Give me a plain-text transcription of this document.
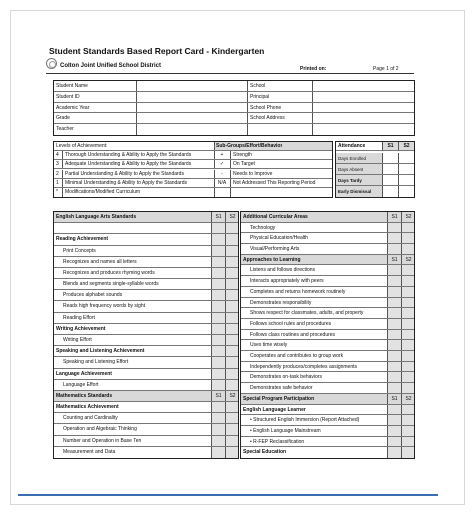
Student Standards Based Report Card - Kindergarten
Colton Joint Unified School District	Printed on:	Page 1 of 2
Student Name	School
Student ID	Principal
Academic Year	School Phone
Grade	School Address
Teacher
Levels of Achievement:	Sub-Groups/Effort/Behavior
4	Thorough Understanding & Ability to Apply the Standards	+	Strength
3	Adequate Understanding & Ability to Apply the Standards	✓	On Target
2	Partial Understanding & Ability to Apply the Standards	-	Needs to Improve
1	Minimal Understanding & Ability to Apply the Standards	N/A	Not Addressed This Reporting Period
*	Modifications/Modified Curriculum
Attendance	S1	S2
Days Enrolled
Days Absent
Days Tardy
Early Dismissal
English Language Arts Standards	S1	S2
Reading Achievement
Print Concepts
Recognizes and names all letters
Recognizes and produces rhyming words
Blends and segments single-syllable words
Produces alphabet sounds
Reads high frequency words by sight
Reading Effort
Writing Achievement
Writing Effort
Speaking and Listening Achievement
Speaking and Listening Effort
Language Achievement
Language Effort
Mathematics Standards	S1	S2
Mathematics Achievement
Counting and Cardinality
Operation and Algebraic Thinking
Number and Operation in Base Ten
Measurement and Data
Additional Curricular Areas	S1	S2
Technology
Physical Education/Health
Visual/Performing Arts
Approaches to Learning	S1	S2
Listens and follows directions
Interacts appropriately with peers
Completes and returns homework routinely
Demonstrates responsibility
Shows respect for classmates, adults, and property
Follows school rules and procedures
Follows class routines and procedures
Uses time wisely
Cooperates and contributes to group work
Independently produces/completes assignments
Demonstrates on-task behaviors
Demonstrates safe behavior
Special Program Participation	S1	S2
English Language Learner
• Structured English Immersion (Report Attached)
• English Language Mainstream
• R-FEP Reclassification
Special Education
